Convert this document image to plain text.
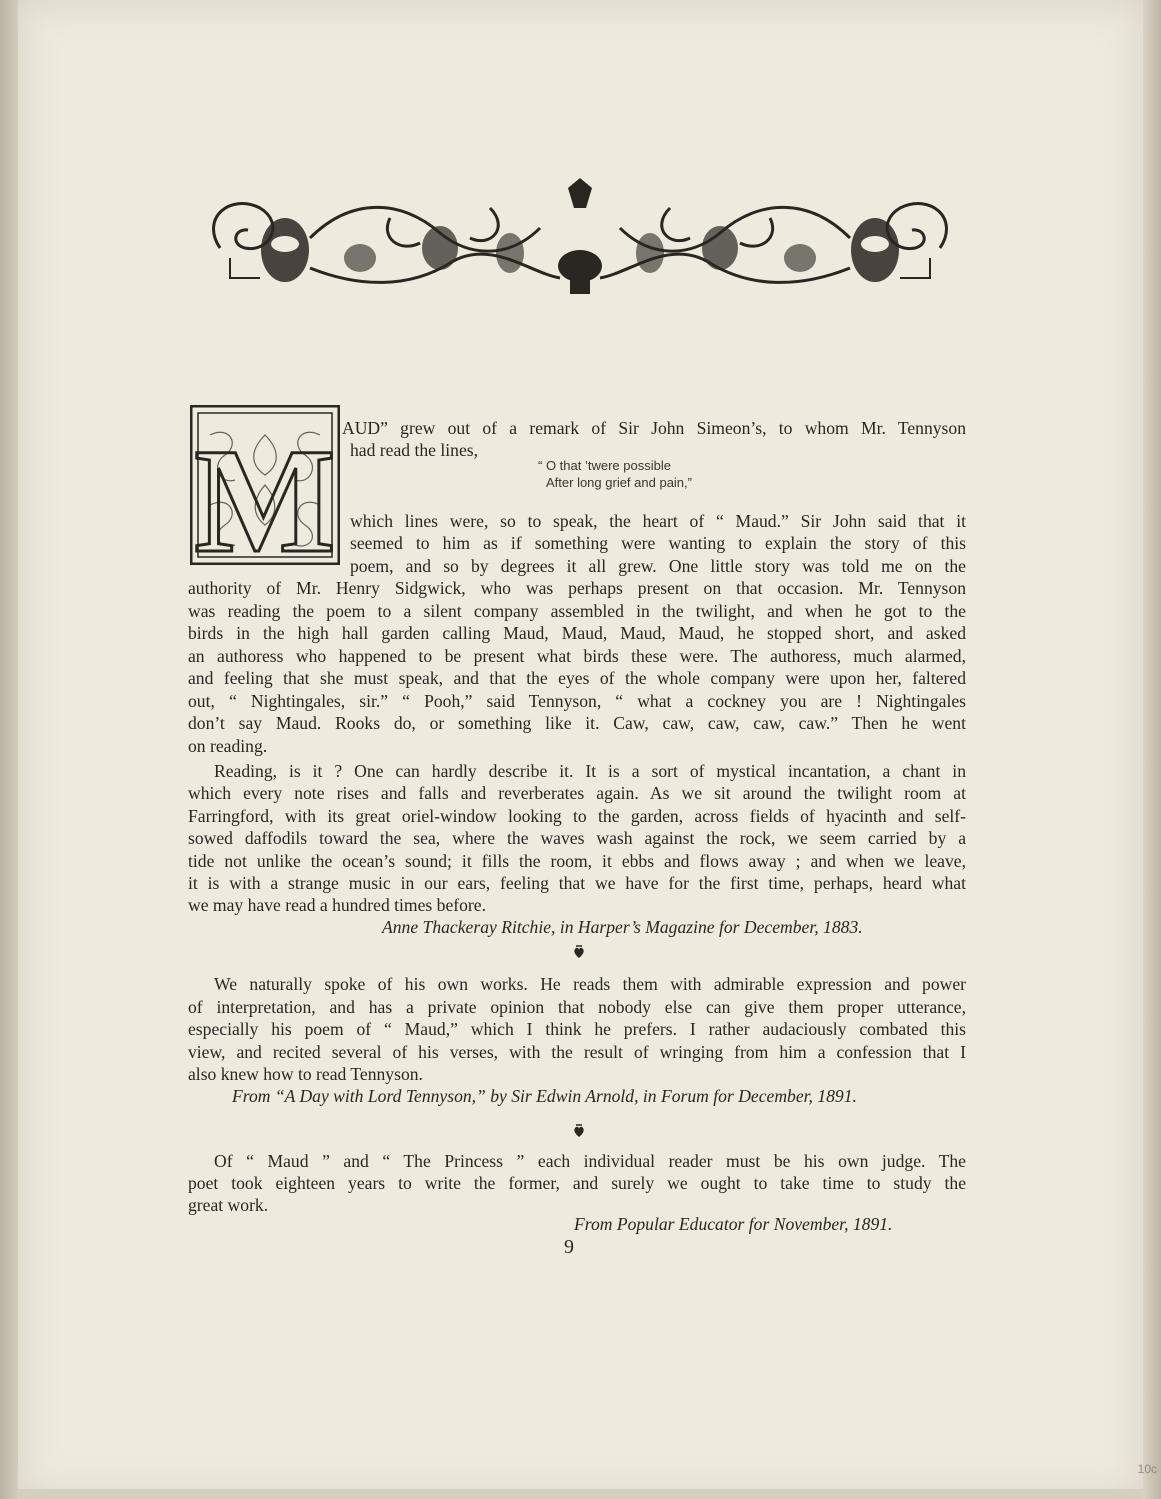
M AUD” grew out of a remark of Sir John Simeon’s, to whom Mr. Tennyson

had read the lines,

“ O that ’twere possible
After long grief and pain,”

which lines were, so to speak, the heart of “ Maud.” Sir John said that it

seemed to him as if something were wanting to explain the story of this

poem, and so by degrees it all grew. One little story was told me on the

authority of Mr. Henry Sidgwick, who was perhaps present on that occasion. Mr. Tennyson

was reading the poem to a silent company assembled in the twilight, and when he got to the

birds in the high hall garden calling Maud, Maud, Maud, Maud, he stopped short, and asked

an authoress who happened to be present what birds these were. The authoress, much alarmed,

and feeling that she must speak, and that the eyes of the whole company were upon her, faltered

out, “ Nightingales, sir.” “ Pooh,” said Tennyson, “ what a cockney you are ! Nightingales

don’t say Maud. Rooks do, or something like it. Caw, caw, caw, caw, caw.” Then he went

on reading.

Reading, is it ? One can hardly describe it. It is a sort of mystical incantation, a chant in

which every note rises and falls and reverberates again. As we sit around the twilight room at

Farringford, with its great oriel-window looking to the garden, across fields of hyacinth and self-

sowed daffodils toward the sea, where the waves wash against the rock, we seem carried by a

tide not unlike the ocean’s sound; it fills the room, it ebbs and flows away ; and when we leave,

it is with a strange music in our ears, feeling that we have for the first time, perhaps, heard what

we may have read a hundred times before.

Anne Thackeray Ritchie, in Harper’s Magazine for December, 1883.

We naturally spoke of his own works. He reads them with admirable expression and power

of interpretation, and has a private opinion that nobody else can give them proper utterance,

especially his poem of “ Maud,” which I think he prefers. I rather audaciously combated this

view, and recited several of his verses, with the result of wringing from him a confession that I

also knew how to read Tennyson.

From “A Day with Lord Tennyson,” by Sir Edwin Arnold, in Forum for December, 1891.

Of “ Maud ” and “ The Princess ” each individual reader must be his own judge. The

poet took eighteen years to write the former, and surely we ought to take time to study the

great work.

From Popular Educator for November, 1891.
9
10c
